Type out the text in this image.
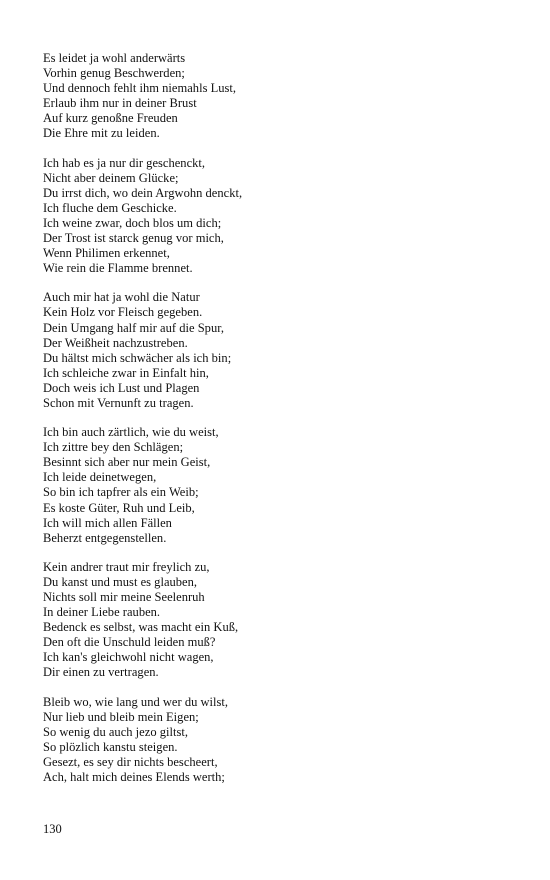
Es leidet ja wohl anderwärts
Vorhin genug Beschwerden;
Und dennoch fehlt ihm niemahls Lust,
Erlaub ihm nur in deiner Brust
Auf kurz genoßne Freuden
Die Ehre mit zu leiden.
Ich hab es ja nur dir geschenckt,
Nicht aber deinem Glücke;
Du irrst dich, wo dein Argwohn denckt,
Ich fluche dem Geschicke.
Ich weine zwar, doch blos um dich;
Der Trost ist starck genug vor mich,
Wenn Philimen erkennet,
Wie rein die Flamme brennet.
Auch mir hat ja wohl die Natur
Kein Holz vor Fleisch gegeben.
Dein Umgang half mir auf die Spur,
Der Weißheit nachzustreben.
Du hältst mich schwächer als ich bin;
Ich schleiche zwar in Einfalt hin,
Doch weis ich Lust und Plagen
Schon mit Vernunft zu tragen.
Ich bin auch zärtlich, wie du weist,
Ich zittre bey den Schlägen;
Besinnt sich aber nur mein Geist,
Ich leide deinetwegen,
So bin ich tapfrer als ein Weib;
Es koste Güter, Ruh und Leib,
Ich will mich allen Fällen
Beherzt entgegenstellen.
Kein andrer traut mir freylich zu,
Du kanst und must es glauben,
Nichts soll mir meine Seelenruh
In deiner Liebe rauben.
Bedenck es selbst, was macht ein Kuß,
Den oft die Unschuld leiden muß?
Ich kan's gleichwohl nicht wagen,
Dir einen zu vertragen.
Bleib wo, wie lang und wer du wilst,
Nur lieb und bleib mein Eigen;
So wenig du auch jezo giltst,
So plözlich kanstu steigen.
Gesezt, es sey dir nichts bescheert,
Ach, halt mich deines Elends werth;
130
